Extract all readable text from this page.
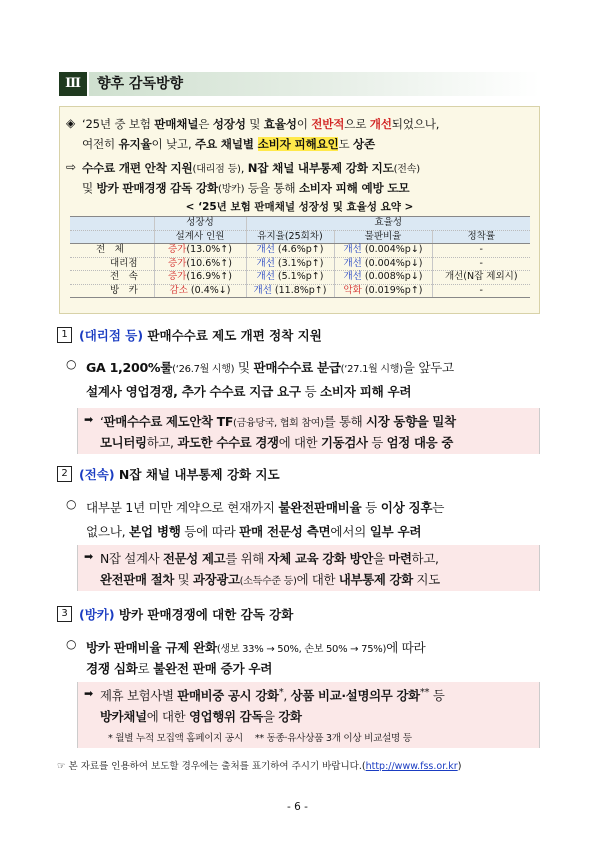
Ⅲ	향후 감독방향
◈ ‘25년 중 보험 판매채널은 성장성 및 효율성이 전반적으로 개선되었으나,
여전히 유지율이 낮고, 주요 채널별 소비자 피해요인도 상존
⇨ 수수료 개편 안착 지원(대리점 등), N잡 채널 내부통제 강화 지도(전속)
및 방카 판매경쟁 감독 강화(방카) 등을 통해 소비자 피해 예방 도모
< ‘25년 보험 판매채널 성장성 및 효율성 요약 >
	성장성	효율성		
	설계사 인원	유지율(25회차)	물판비율	정착률
전　체	증가(13.0%↑)	개선 (4.6%p↑)	개선 (0.004%p↓)	-
대리점	증가(10.6%↑)	개선 (3.1%p↑)	개선 (0.004%p↓)	-
전　속	증가(16.9%↑)	개선 (5.1%p↑)	개선 (0.008%p↓)	개선(N잡 제외시)
방　카	감소 (0.4%↓)	개선 (11.8%p↑)	악화 (0.019%p↑)	-
1 (대리점 등) 판매수수료 제도 개편 정착 지원
○ GA 1,200%룰(‘26.7월 시행) 및 판매수수료 분급(‘27.1월 시행)을 앞두고
설계사 영업경쟁, 추가 수수료 지급 요구 등 소비자 피해 우려
➡ ‘판매수수료 제도안착 TF(금융당국, 협회 참여)를 통해 시장 동향을 밀착
모니터링하고, 과도한 수수료 경쟁에 대한 기동검사 등 엄정 대응 중
2 (전속) N잡 채널 내부통제 강화 지도
○ 대부분 1년 미만 계약으로 현재까지 불완전판매비율 등 이상 징후는
없으나, 본업 병행 등에 따라 판매 전문성 측면에서의 일부 우려
➡ N잡 설계사 전문성 제고를 위해 자체 교육 강화 방안을 마련하고,
완전판매 절차 및 과장광고(소득수준 등)에 대한 내부통제 강화 지도
3 (방카) 방카 판매경쟁에 대한 감독 강화
○ 방카 판매비율 규제 완화(생보 33% → 50%, 손보 50% → 75%)에 따라
경쟁 심화로 불완전 판매 증가 우려
➡ 제휴 보험사별 판매비중 공시 강화*, 상품 비교·설명의무 강화** 등
방카채널에 대한 영업행위 감독을 강화
* 월별 누적 모집액 홈페이지 공시　 ** 동종·유사상품 3개 이상 비교설명 등
☞ 본 자료를 인용하여 보도할 경우에는 출처를 표기하여 주시기 바랍니다.(http://www.fss.or.kr)
- 6 -
